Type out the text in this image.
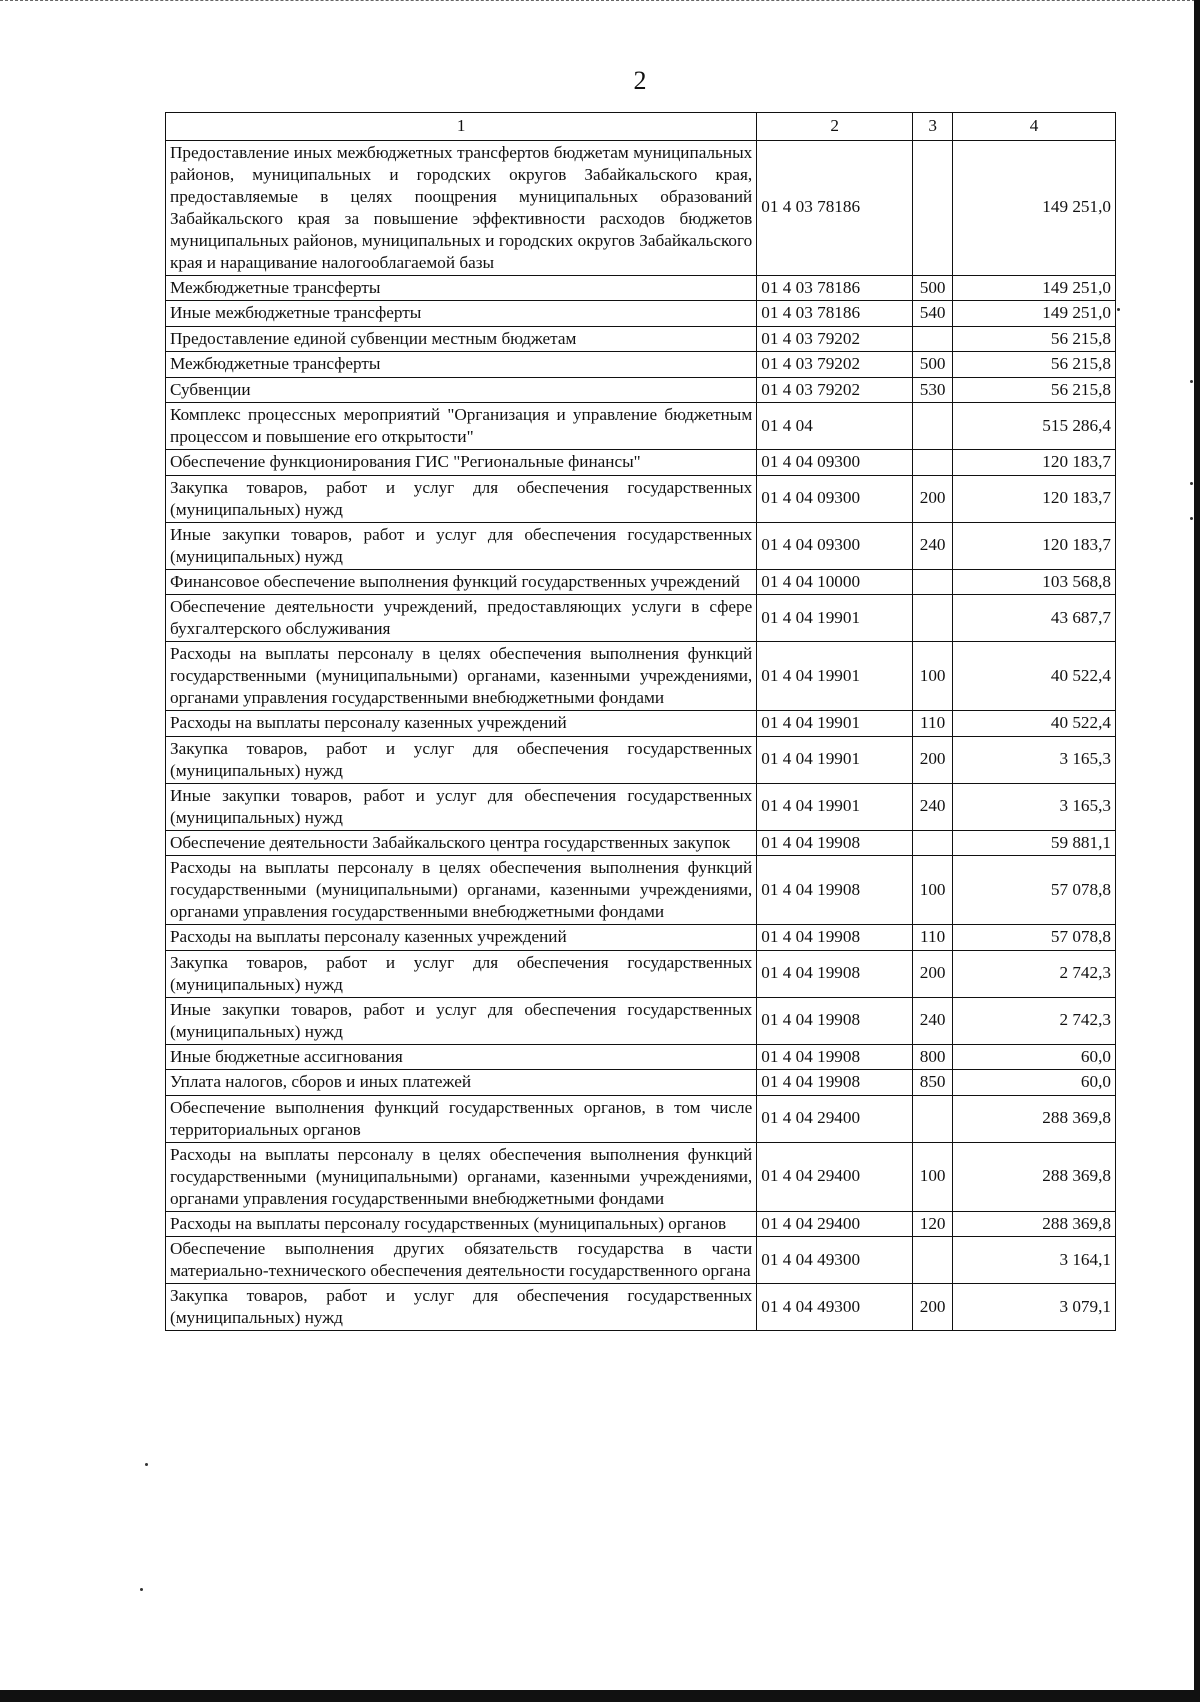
2
1	2	3	4
Предоставление иных межбюджетных трансфертов бюджетам муниципальных районов, муниципальных и городских округов Забайкальского края, предоставляемые в целях поощрения муниципальных образований Забайкальского края за повышение эффективности расходов бюджетов муниципальных районов, муниципальных и городских округов Забайкальского края и наращивание налогооблагаемой базы	01 4 03 78186		149 251,0
Межбюджетные трансферты	01 4 03 78186	500	149 251,0
Иные межбюджетные трансферты	01 4 03 78186	540	149 251,0
Предоставление единой субвенции местным бюджетам	01 4 03 79202		56 215,8
Межбюджетные трансферты	01 4 03 79202	500	56 215,8
Субвенции	01 4 03 79202	530	56 215,8
Комплекс процессных мероприятий "Организация и управление бюджетным процессом и повышение его открытости"	01 4 04		515 286,4
Обеспечение функционирования ГИС "Региональные финансы"	01 4 04 09300		120 183,7
Закупка товаров, работ и услуг для обеспечения государственных (муниципальных) нужд	01 4 04 09300	200	120 183,7
Иные закупки товаров, работ и услуг для обеспечения государственных (муниципальных) нужд	01 4 04 09300	240	120 183,7
Финансовое обеспечение выполнения функций государственных учреждений	01 4 04 10000		103 568,8
Обеспечение деятельности учреждений, предоставляющих услуги в сфере бухгалтерского обслуживания	01 4 04 19901		43 687,7
Расходы на выплаты персоналу в целях обеспечения выполнения функций государственными (муниципальными) органами, казенными учреждениями, органами управления государственными внебюджетными фондами	01 4 04 19901	100	40 522,4
Расходы на выплаты персоналу казенных учреждений	01 4 04 19901	110	40 522,4
Закупка товаров, работ и услуг для обеспечения государственных (муниципальных) нужд	01 4 04 19901	200	3 165,3
Иные закупки товаров, работ и услуг для обеспечения государственных (муниципальных) нужд	01 4 04 19901	240	3 165,3
Обеспечение деятельности Забайкальского центра государственных закупок	01 4 04 19908		59 881,1
Расходы на выплаты персоналу в целях обеспечения выполнения функций государственными (муниципальными) органами, казенными учреждениями, органами управления государственными внебюджетными фондами	01 4 04 19908	100	57 078,8
Расходы на выплаты персоналу казенных учреждений	01 4 04 19908	110	57 078,8
Закупка товаров, работ и услуг для обеспечения государственных (муниципальных) нужд	01 4 04 19908	200	2 742,3
Иные закупки товаров, работ и услуг для обеспечения государственных (муниципальных) нужд	01 4 04 19908	240	2 742,3
Иные бюджетные ассигнования	01 4 04 19908	800	60,0
Уплата налогов, сборов и иных платежей	01 4 04 19908	850	60,0
Обеспечение выполнения функций государственных органов, в том числе территориальных органов	01 4 04 29400		288 369,8
Расходы на выплаты персоналу в целях обеспечения выполнения функций государственными (муниципальными) органами, казенными учреждениями, органами управления государственными внебюджетными фондами	01 4 04 29400	100	288 369,8
Расходы на выплаты персоналу государственных (муниципальных) органов	01 4 04 29400	120	288 369,8
Обеспечение выполнения других обязательств государства в части материально-технического обеспечения деятельности государственного органа	01 4 04 49300		3 164,1
Закупка товаров, работ и услуг для обеспечения государственных (муниципальных) нужд	01 4 04 49300	200	3 079,1
